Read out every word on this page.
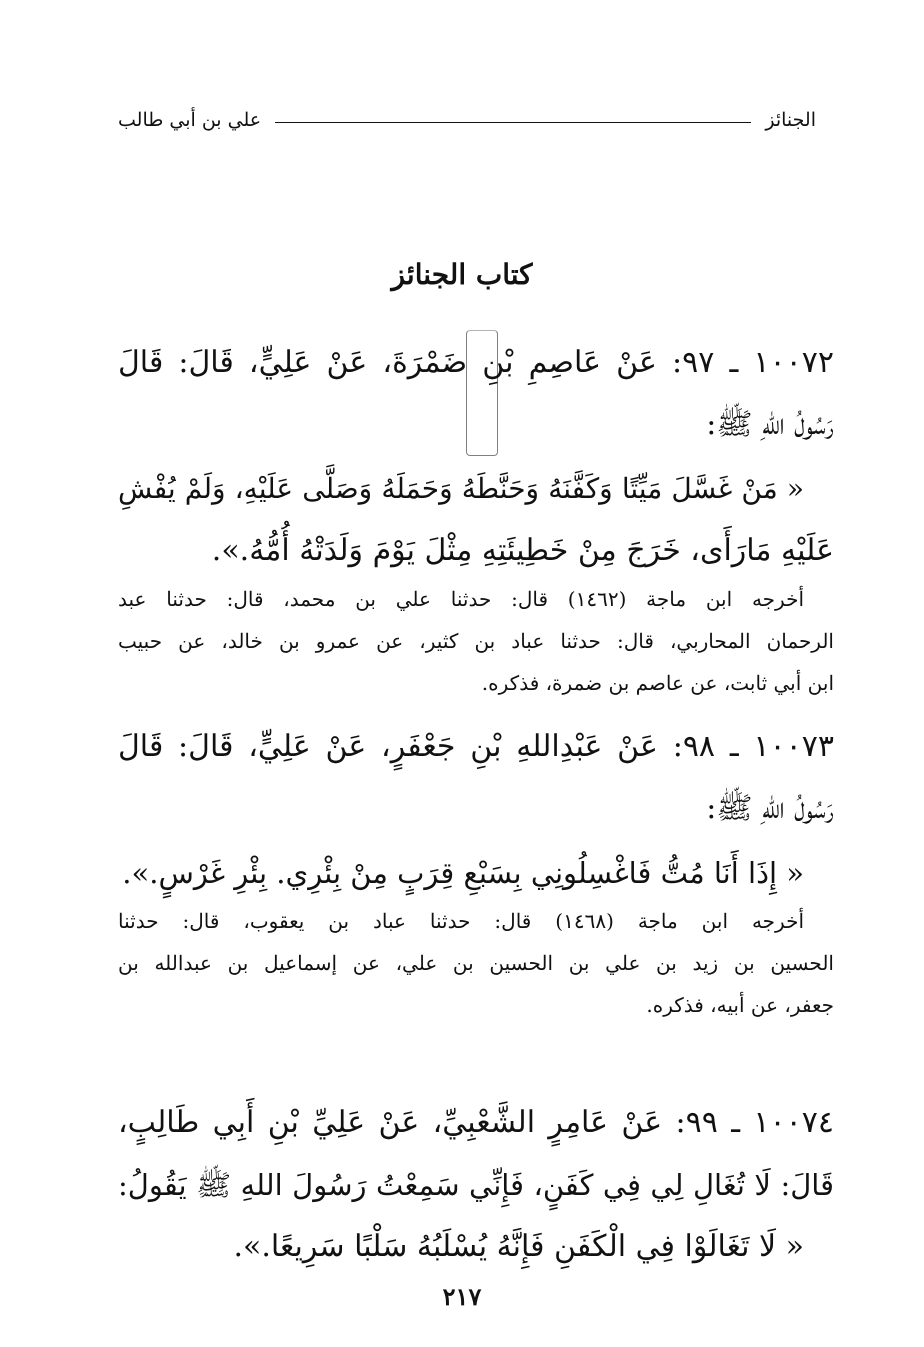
الجنائز
علي بن أبي طالب
كتاب الجنائز
١٠٠٧٢ ـ ٩٧: عَنْ عَاصِمِ بْنِ ضَمْرَةَ، عَنْ عَلِيٍّ، قَالَ: قَالَ
رَسُولُ اللهِ ﷺ:
« مَنْ غَسَّلَ مَيِّتًا وَكَفَّنَهُ وَحَنَّطَهُ وَحَمَلَهُ وَصَلَّى عَلَيْهِ، وَلَمْ يُفْشِ
عَلَيْهِ مَارَأَى، خَرَجَ مِنْ خَطِيئَتِهِ مِثْلَ يَوْمَ وَلَدَتْهُ أُمُّهُ.».
أخرجه ابن ماجة (١٤٦٢) قال: حدثنا علي بن محمد، قال: حدثنا عبد
الرحمان المحاربي، قال: حدثنا عباد بن كثير، عن عمرو بن خالد، عن حبيب
ابن أبي ثابت، عن عاصم بن ضمرة، فذكره.
١٠٠٧٣ ـ ٩٨: عَنْ عَبْدِاللهِ بْنِ جَعْفَرٍ، عَنْ عَلِيٍّ، قَالَ: قَالَ
رَسُولُ اللهِ ﷺ:
« إِذَا أَنَا مُتُّ فَاغْسِلُونِي بِسَبْعِ قِرَبٍ مِنْ بِئْرِي. بِئْرِ غَرْسٍ.».
أخرجه ابن ماجة (١٤٦٨) قال: حدثنا عباد بن يعقوب، قال: حدثنا
الحسين بن زيد بن علي بن الحسين بن علي، عن إسماعيل بن عبدالله بن
جعفر، عن أبيه، فذكره.
١٠٠٧٤ ـ ٩٩: عَنْ عَامِرٍ الشَّعْبِيِّ، عَنْ عَلِيِّ بْنِ أَبِي طَالِبٍ،
قَالَ: لَا تُغَالِ لِي فِي كَفَنٍ، فَإِنِّي سَمِعْتُ رَسُولَ اللهِ ﷺ يَقُولُ:
« لَا تَغَالَوْا فِي الْكَفَنِ فَإِنَّهُ يُسْلَبُهُ سَلْبًا سَرِيعًا.».
٢١٧
